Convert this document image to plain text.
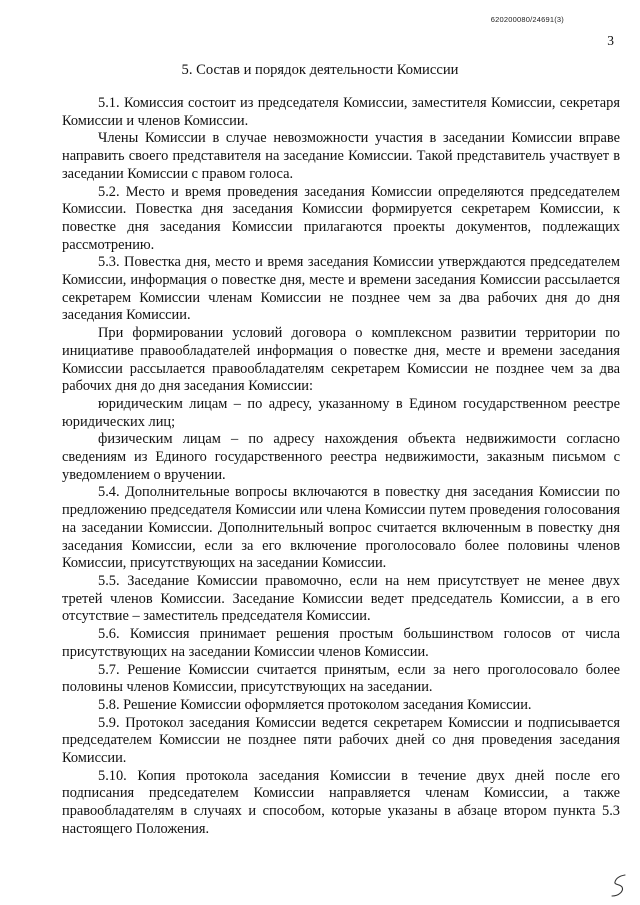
620200080/24691(3)
3
5. Состав и порядок деятельности Комиссии

5.1. Комиссия состоит из председателя Комиссии, заместителя Комиссии, секретаря Комиссии и членов Комиссии.

Члены Комиссии в случае невозможности участия в заседании Комиссии вправе направить своего представителя на заседание Комиссии. Такой представитель участвует в заседании Комиссии с правом голоса.

5.2. Место и время проведения заседания Комиссии определяются председателем Комиссии. Повестка дня заседания Комиссии формируется секретарем Комиссии, к повестке дня заседания Комиссии прилагаются проекты документов, подлежащих рассмотрению.

5.3. Повестка дня, место и время заседания Комиссии утверждаются председателем Комиссии, информация о повестке дня, месте и времени заседания Комиссии рассылается секретарем Комиссии членам Комиссии не позднее чем за два рабочих дня до дня заседания Комиссии.

При формировании условий договора о комплексном развитии территории по инициативе правообладателей информация о повестке дня, месте и времени заседания Комиссии рассылается правообладателям секретарем Комиссии не позднее чем за два рабочих дня до дня заседания Комиссии:

юридическим лицам – по адресу, указанному в Едином государственном реестре юридических лиц;

физическим лицам – по адресу нахождения объекта недвижимости согласно сведениям из Единого государственного реестра недвижимости, заказным письмом с уведомлением о вручении.

5.4. Дополнительные вопросы включаются в повестку дня заседания Комиссии по предложению председателя Комиссии или члена Комиссии путем проведения голосования на заседании Комиссии. Дополнительный вопрос считается включенным в повестку дня заседания Комиссии, если за его включение проголосовало более половины членов Комиссии, присутствующих на заседании Комиссии.

5.5. Заседание Комиссии правомочно, если на нем присутствует не менее двух третей членов Комиссии. Заседание Комиссии ведет председатель Комиссии, а в его отсутствие – заместитель председателя Комиссии.

5.6. Комиссия принимает решения простым большинством голосов от числа присутствующих на заседании Комиссии членов Комиссии.

5.7. Решение Комиссии считается принятым, если за него проголосовало более половины членов Комиссии, присутствующих на заседании.

5.8. Решение Комиссии оформляется протоколом заседания Комиссии.

5.9. Протокол заседания Комиссии ведется секретарем Комиссии и подписывается председателем Комиссии не позднее пяти рабочих дней со дня проведения заседания Комиссии.

5.10. Копия протокола заседания Комиссии в течение двух дней после его подписания председателем Комиссии направляется членам Комиссии, а также правообладателям в случаях и способом, которые указаны в абзаце втором пункта 5.3 настоящего Положения.
